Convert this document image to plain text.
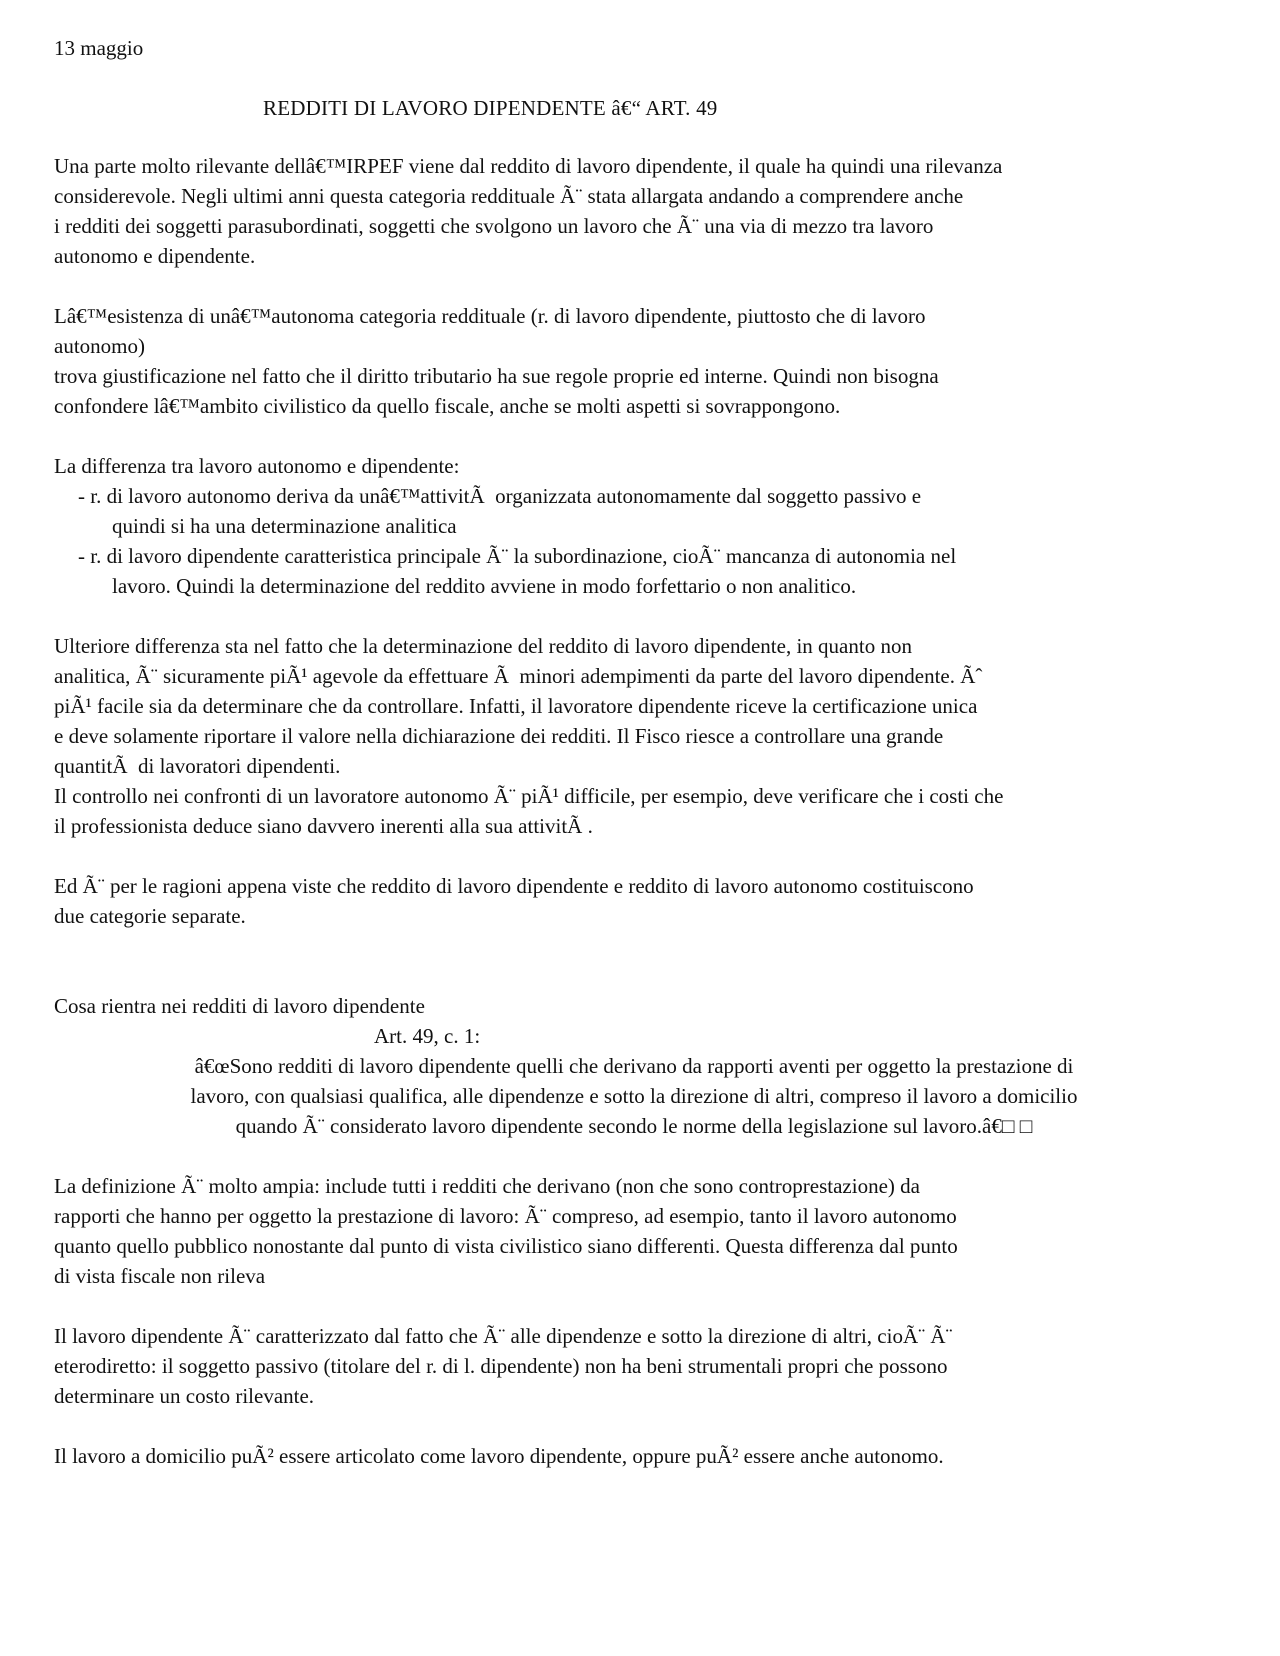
13 maggio
REDDITI DI LAVORO DIPENDENTE â€“ ART. 49
Una parte molto rilevante dellâ€™IRPEF viene dal reddito di lavoro dipendente, il quale ha quindi una rilevanza
considerevole. Negli ultimi anni questa categoria reddituale Ã¨ stata allargata andando a comprendere anche
i redditi dei soggetti parasubordinati, soggetti che svolgono un lavoro che Ã¨ una via di mezzo tra lavoro
autonomo e dipendente.
Lâ€™esistenza di unâ€™autonoma categoria reddituale (r. di lavoro dipendente, piuttosto che di lavoro
autonomo)
trova giustificazione nel fatto che il diritto tributario ha sue regole proprie ed interne. Quindi non bisogna
confondere lâ€™ambito civilistico da quello fiscale, anche se molti aspetti si sovrappongono.
La differenza tra lavoro autonomo e dipendente:
- r. di lavoro autonomo deriva da unâ€™attivitÃ  organizzata autonomamente dal soggetto passivo e
quindi si ha una determinazione analitica
- r. di lavoro dipendente caratteristica principale Ã¨ la subordinazione, cioÃ¨ mancanza di autonomia nel
lavoro. Quindi la determinazione del reddito avviene in modo forfettario o non analitico.
Ulteriore differenza sta nel fatto che la determinazione del reddito di lavoro dipendente, in quanto non
analitica, Ã¨ sicuramente piÃ¹ agevole da effettuare Ã  minori adempimenti da parte del lavoro dipendente. Ãˆ
piÃ¹ facile sia da determinare che da controllare. Infatti, il lavoratore dipendente riceve la certificazione unica
e deve solamente riportare il valore nella dichiarazione dei redditi. Il Fisco riesce a controllare una grande
quantitÃ  di lavoratori dipendenti.
Il controllo nei confronti di un lavoratore autonomo Ã¨ piÃ¹ difficile, per esempio, deve verificare che i costi che
il professionista deduce siano davvero inerenti alla sua attivitÃ .
Ed Ã¨ per le ragioni appena viste che reddito di lavoro dipendente e reddito di lavoro autonomo costituiscono
due categorie separate.
Cosa rientra nei redditi di lavoro dipendente
Art. 49, c. 1:
â€œSono redditi di lavoro dipendente quelli che derivano da rapporti aventi per oggetto la prestazione di
lavoro, con qualsiasi qualifica, alle dipendenze e sotto la direzione di altri, compreso il lavoro a domicilio
quando Ã¨ considerato lavoro dipendente secondo le norme della legislazione sul lavoro.â€□ □
La definizione Ã¨ molto ampia: include tutti i redditi che derivano (non che sono controprestazione) da
rapporti che hanno per oggetto la prestazione di lavoro: Ã¨ compreso, ad esempio, tanto il lavoro autonomo
quanto quello pubblico nonostante dal punto di vista civilistico siano differenti. Questa differenza dal punto
di vista fiscale non rileva
Il lavoro dipendente Ã¨ caratterizzato dal fatto che Ã¨ alle dipendenze e sotto la direzione di altri, cioÃ¨ Ã¨
eterodiretto: il soggetto passivo (titolare del r. di l. dipendente) non ha beni strumentali propri che possono
determinare un costo rilevante.
Il lavoro a domicilio puÃ² essere articolato come lavoro dipendente, oppure puÃ² essere anche autonomo.
